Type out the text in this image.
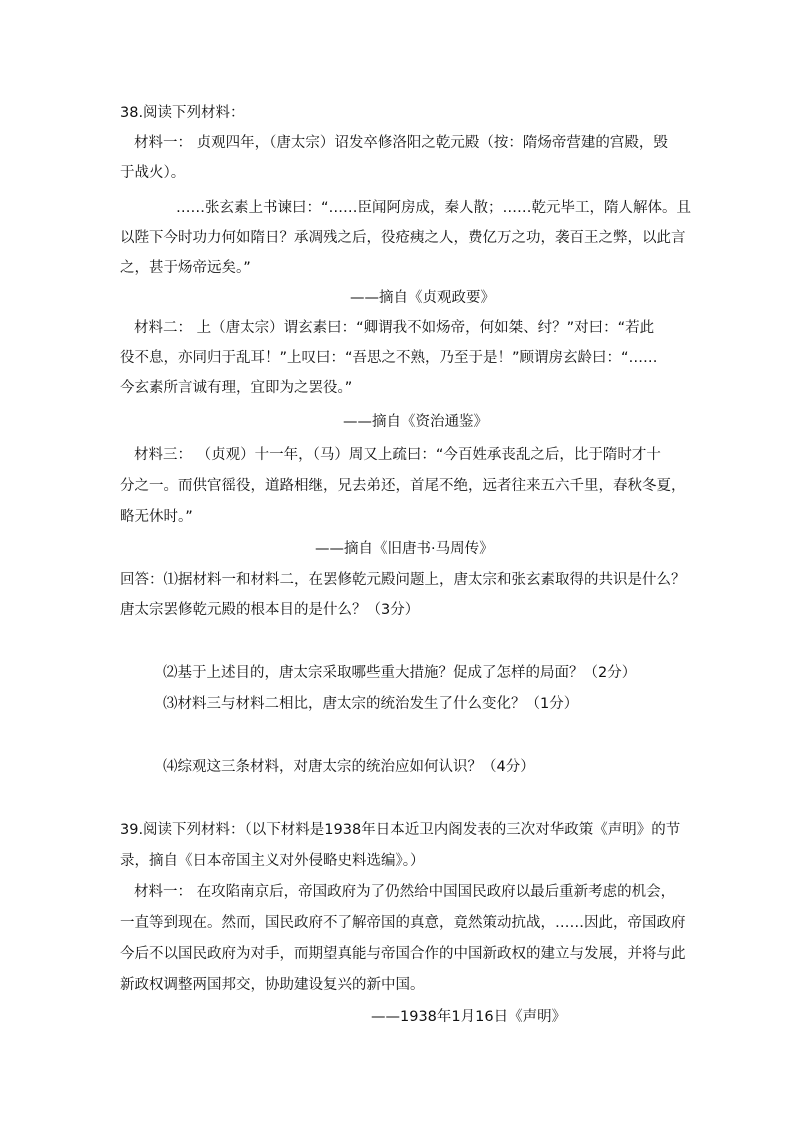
38.阅读下列材料：
材料一： 贞观四年，（唐太宗）诏发卒修洛阳之乾元殿（按：隋炀帝营建的宫殿，毁
于战火）。
……张玄素上书谏曰：“……臣闻阿房成，秦人散；……乾元毕工，隋人解体。且
以陛下今时功力何如隋日？承凋残之后，役疮痍之人，费亿万之功，袭百王之弊，以此言
之，甚于炀帝远矣。”
——摘自《贞观政要》
材料二： 上（唐太宗）谓玄素曰：“卿谓我不如炀帝，何如桀、纣？”对曰：“若此
役不息，亦同归于乱耳！”上叹曰：“吾思之不熟，乃至于是！”顾谓房玄龄曰：“……
今玄素所言诚有理，宜即为之罢役。”
——摘自《资治通鉴》
材料三： （贞观）十一年，（马）周又上疏曰：“今百姓承丧乱之后，比于隋时才十
分之一。而供官徭役，道路相继，兄去弟还，首尾不绝，远者往来五六千里，春秋冬夏，
略无休时。”
——摘自《旧唐书·马周传》
回答：⑴据材料一和材料二，在罢修乾元殿问题上，唐太宗和张玄素取得的共识是什么？
唐太宗罢修乾元殿的根本目的是什么？（3分）
⑵基于上述目的，唐太宗采取哪些重大措施？促成了怎样的局面？（2分）
⑶材料三与材料二相比，唐太宗的统治发生了什么变化？（1分）
⑷综观这三条材料，对唐太宗的统治应如何认识？（4分）
39.阅读下列材料：（以下材料是1938年日本近卫内阁发表的三次对华政策《声明》的节
录，摘自《日本帝国主义对外侵略史料选编》。）
材料一： 在攻陷南京后，帝国政府为了仍然给中国国民政府以最后重新考虑的机会，
一直等到现在。然而，国民政府不了解帝国的真意，竟然策动抗战，……因此，帝国政府
今后不以国民政府为对手，而期望真能与帝国合作的中国新政权的建立与发展，并将与此
新政权调整两国邦交，协助建设复兴的新中国。
——1938年1月16日《声明》
